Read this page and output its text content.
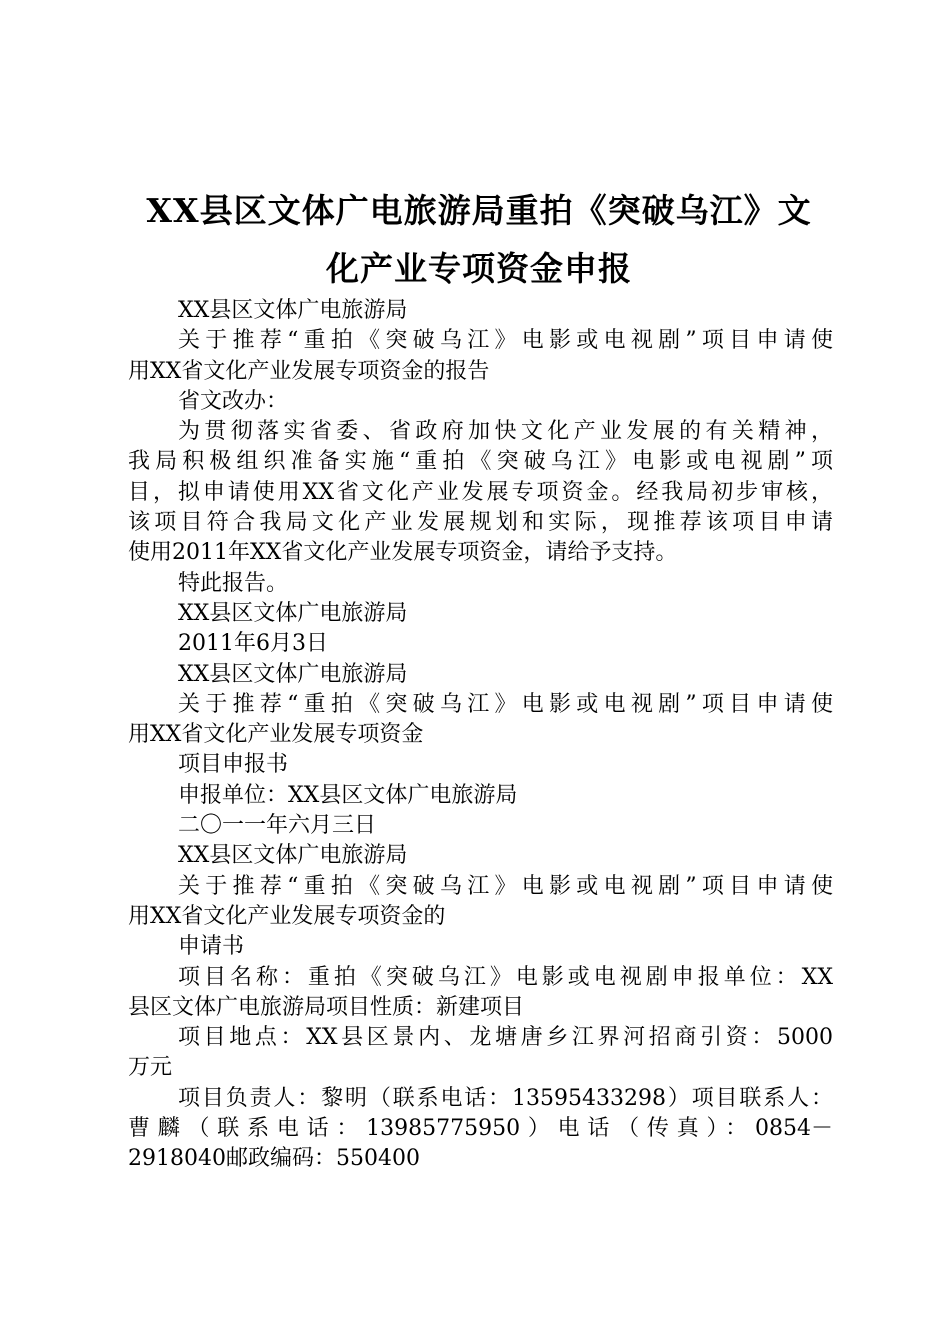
XX县区文体广电旅游局重拍《突破乌江》文
化产业专项资金申报
XX县区文体广电旅游局
关于推荐“重拍《突破乌江》电影或电视剧”项目申请使
用XX省文化产业发展专项资金的报告
省文改办：
为贯彻落实省委、省政府加快文化产业发展的有关精神，
我局积极组织准备实施“重拍《突破乌江》电影或电视剧”项
目，拟申请使用XX省文化产业发展专项资金。经我局初步审核，
该项目符合我局文化产业发展规划和实际，现推荐该项目申请
使用2011年XX省文化产业发展专项资金，请给予支持。
特此报告。
XX县区文体广电旅游局
2011年6月3日
XX县区文体广电旅游局
关于推荐“重拍《突破乌江》电影或电视剧”项目申请使
用XX省文化产业发展专项资金
项目申报书
申报单位：XX县区文体广电旅游局
二〇一一年六月三日
XX县区文体广电旅游局
关于推荐“重拍《突破乌江》电影或电视剧”项目申请使
用XX省文化产业发展专项资金的
申请书
项目名称：重拍《突破乌江》电影或电视剧申报单位：XX
县区文体广电旅游局项目性质：新建项目
项目地点：XX县区景内、龙塘唐乡江界河招商引资：5000
万元
项目负责人：黎明（联系电话：13595433298）项目联系人：
曹麟（联系电话：13985775950）电话（传真）：0854－
2918040邮政编码：550400
